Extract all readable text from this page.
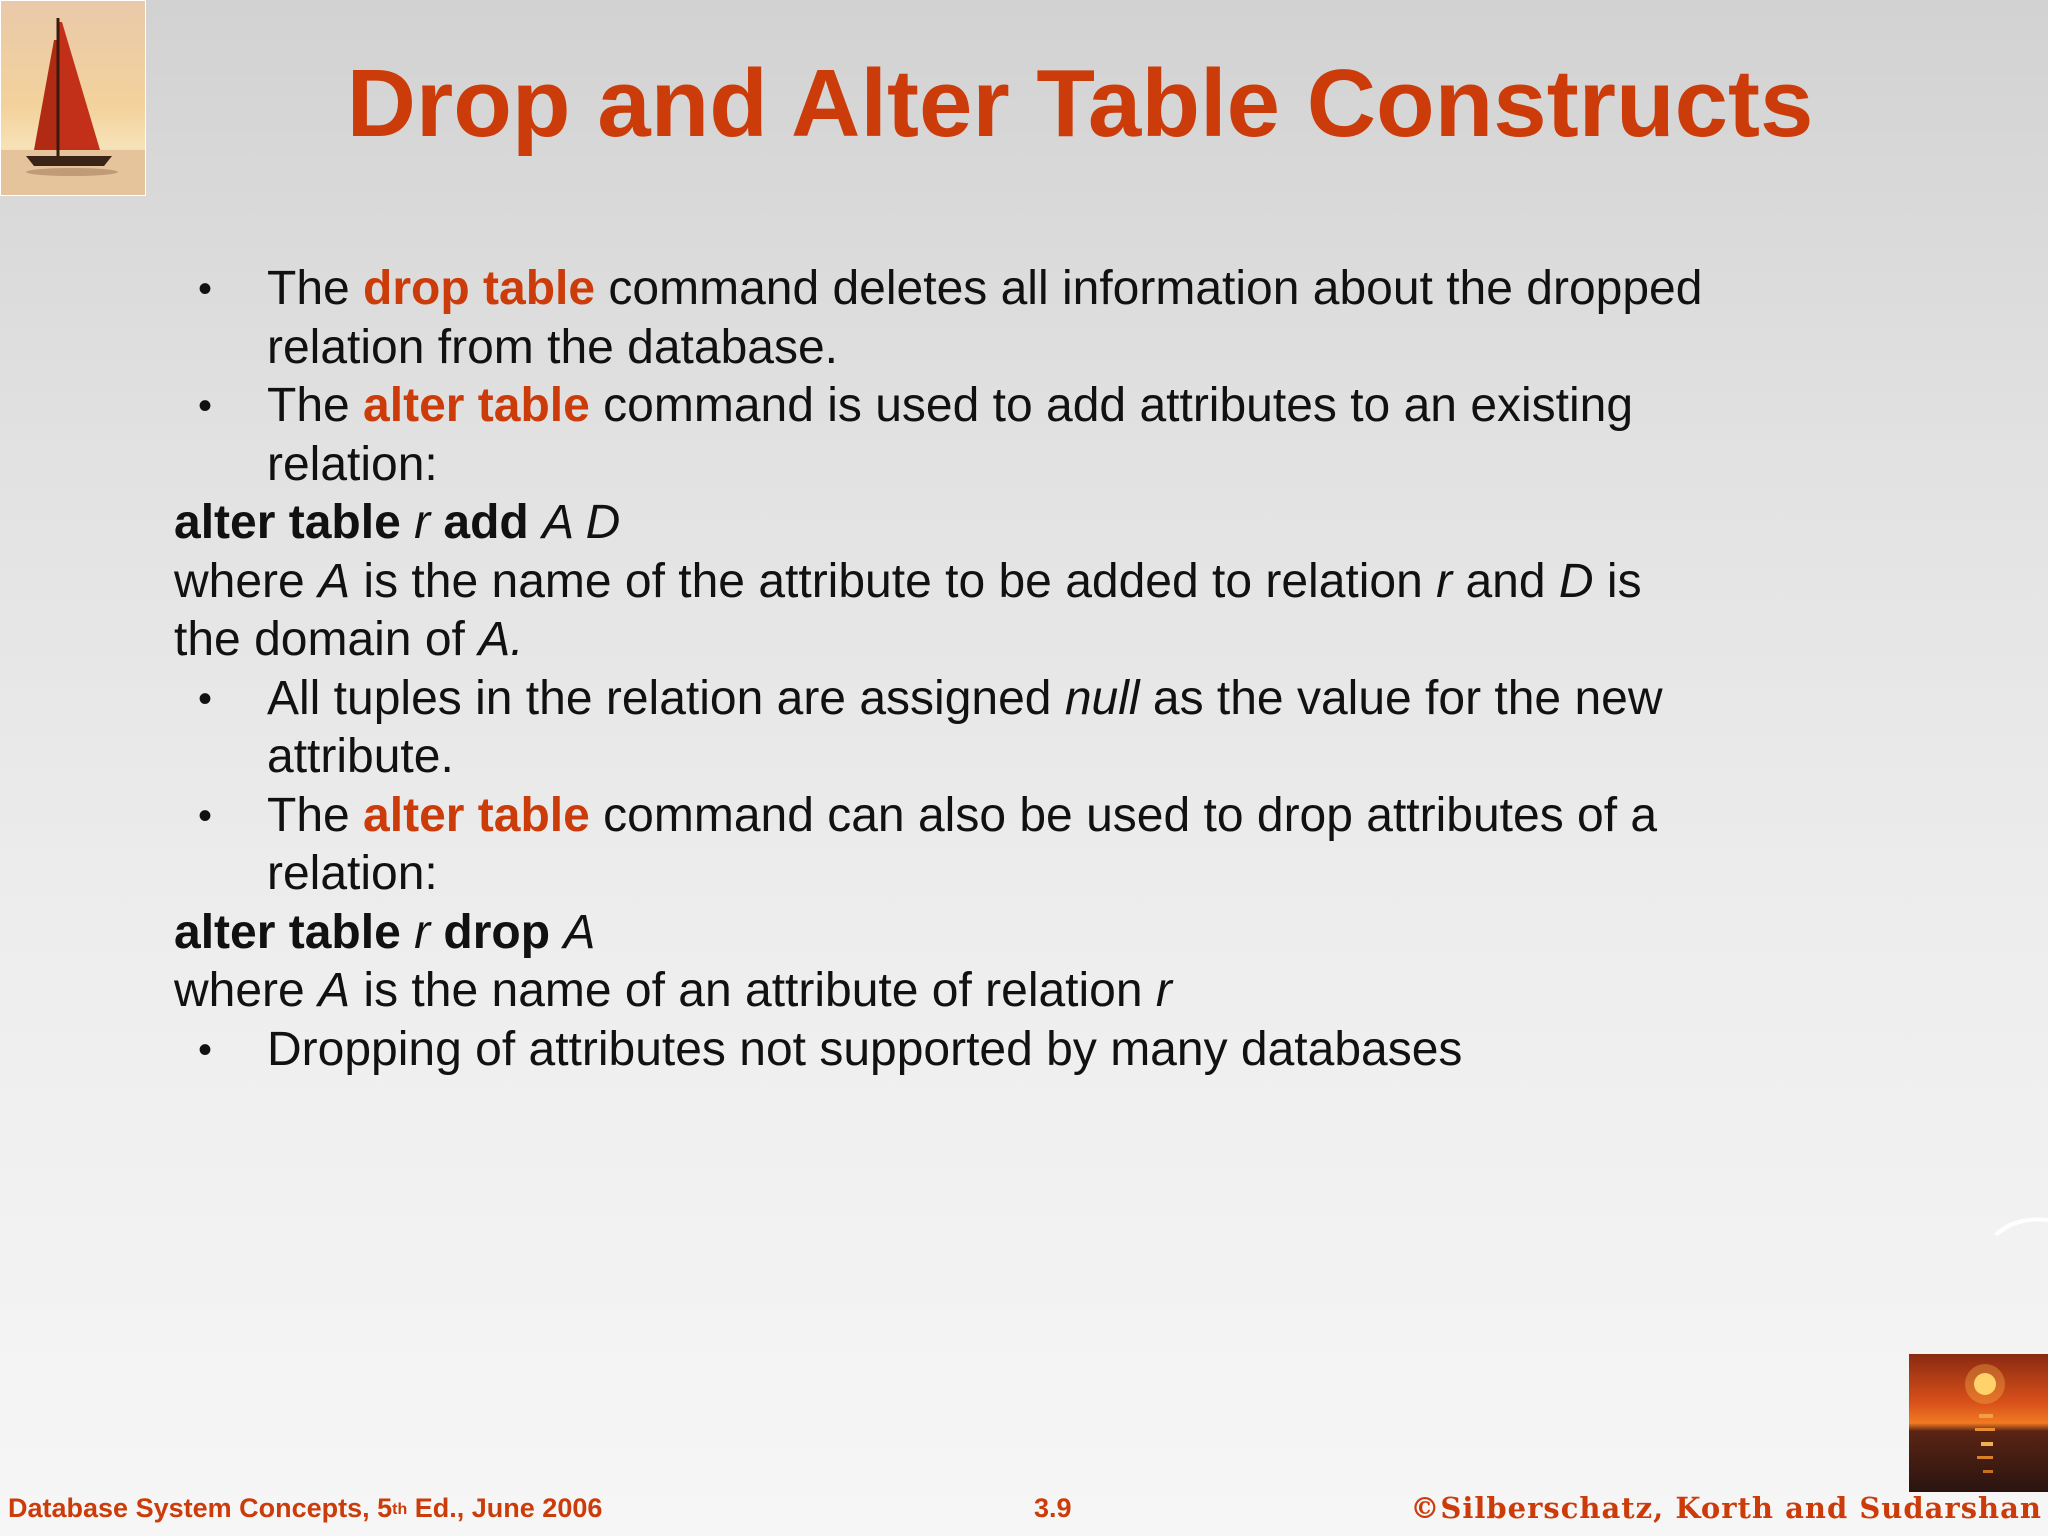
Drop and Alter Table Constructs
• The drop table command deletes all information about the dropped
relation from the database.
• The alter table command is used to add attributes to an existing
relation:
alter table r add A D
where A is the name of the attribute to be added to relation r and D is
the domain of A.
• All tuples in the relation are assigned null as the value for the new
attribute.
• The alter table command can also be used to drop attributes of a
relation:
alter table r drop A
where A is the name of an attribute of relation r
• Dropping of attributes not supported by many databases
Database System Concepts, 5th Ed., June 2006	3.9	©Silberschatz, Korth and Sudarshan
